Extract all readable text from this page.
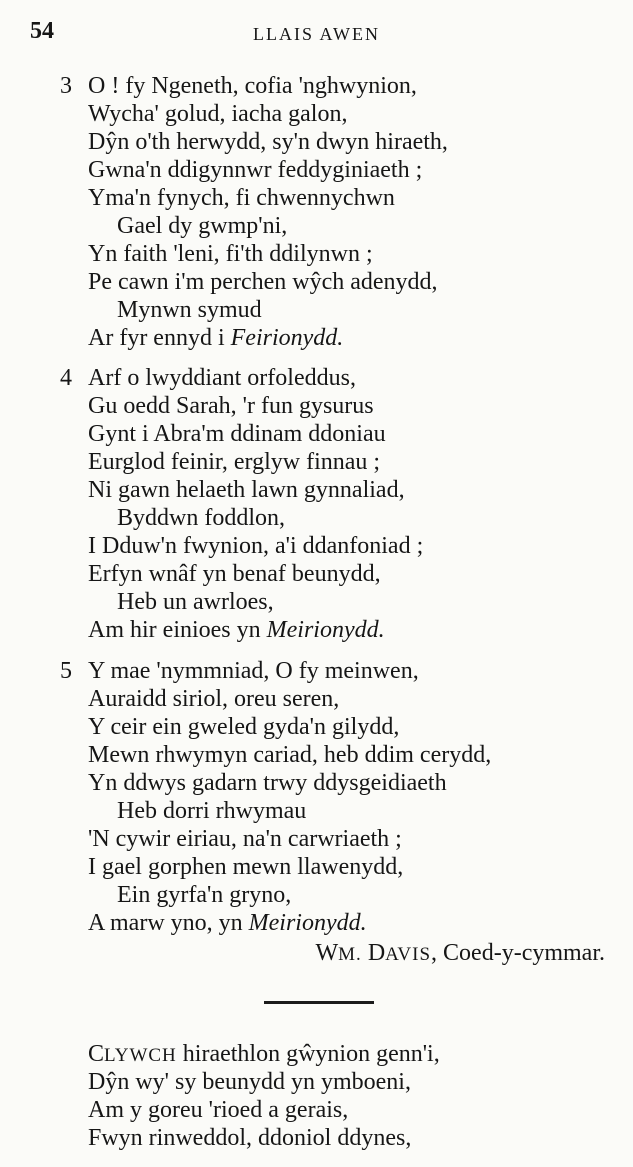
54	LLAIS AWEN
3 O ! fy Ngeneth, cofia 'nghwynion,
Wycha' golud, iacha galon,
Dŷn o'th herwydd, sy'n dwyn hiraeth,
Gwna'n ddigynnwr feddyginiaeth ;
Yma'n fynych, fi chwennychwn
Gael dy gwmp'ni,
Yn faith 'leni, fi'th ddilynwn ;
Pe cawn i'm perchen wŷch adenydd,
Mynwn symud
Ar fyr ennyd i Feirionydd.
4 Arf o lwyddiant orfoleddus,
Gu oedd Sarah, 'r fun gysurus
Gynt i Abra'm ddinam ddoniau
Eurglod feinir, erglyw finnau ;
Ni gawn helaeth lawn gynnaliad,
Byddwn foddlon,
I Dduw'n fwynion, a'i ddanfoniad ;
Erfyn wnâf yn benaf beunydd,
Heb un awrloes,
Am hir einioes yn Meirionydd.
5 Y mae 'nymmniad, O fy meinwen,
Auraidd siriol, oreu seren,
Y ceir ein gweled gyda'n gilydd,
Mewn rhwymyn cariad, heb ddim cerydd,
Yn ddwys gadarn trwy ddysgeidiaeth
Heb dorri rhwymau
'N cywir eiriau, na'n carwriaeth ;
I gael gorphen mewn llawenydd,
Ein gyrfa'n gryno,
A marw yno, yn Meirionydd.
WM. DAVIS, Coed-y-cymmar.
CLYWCH hiraethlon gŵynion genn'i,
Dŷn wy' sy beunydd yn ymboeni,
Am y goreu 'rioed a gerais,
Fwyn rinweddol, ddoniol ddynes,
